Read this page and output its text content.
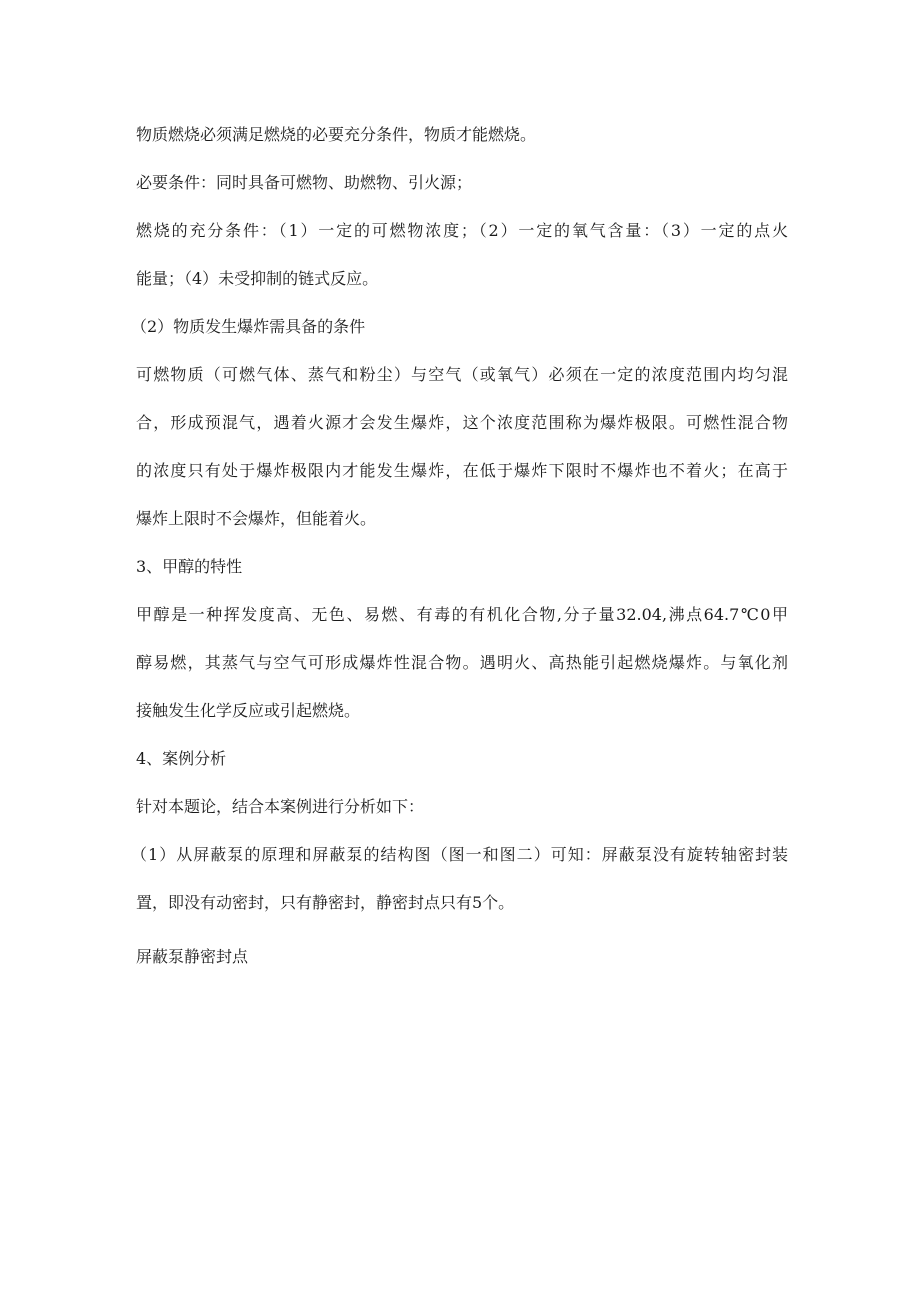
物质燃烧必须满足燃烧的必要充分条件，物质才能燃烧。

必要条件：同时具备可燃物、助燃物、引火源；

燃烧的充分条件：（1）一定的可燃物浓度；（2）一定的氧气含量：（3）一定的点火
能量；（4）未受抑制的链式反应。

（2）物质发生爆炸需具备的条件

可燃物质（可燃气体、蒸气和粉尘）与空气（或氧气）必须在一定的浓度范围内均匀混
合，形成预混气，遇着火源才会发生爆炸，这个浓度范围称为爆炸极限。可燃性混合物
的浓度只有处于爆炸极限内才能发生爆炸，在低于爆炸下限时不爆炸也不着火；在高于
爆炸上限时不会爆炸，但能着火。

3、甲醇的特性

甲醇是一种挥发度高、无色、易燃、有毒的有机化合物,分子量32.04,沸点64.7℃0甲
醇易燃，其蒸气与空气可形成爆炸性混合物。遇明火、高热能引起燃烧爆炸。与氧化剂
接触发生化学反应或引起燃烧。

4、案例分析

针对本题论，结合本案例进行分析如下：

（1）从屏蔽泵的原理和屏蔽泵的结构图（图一和图二）可知：屏蔽泵没有旋转轴密封装
置，即没有动密封，只有静密封，静密封点只有5个。

屏蔽泵静密封点
